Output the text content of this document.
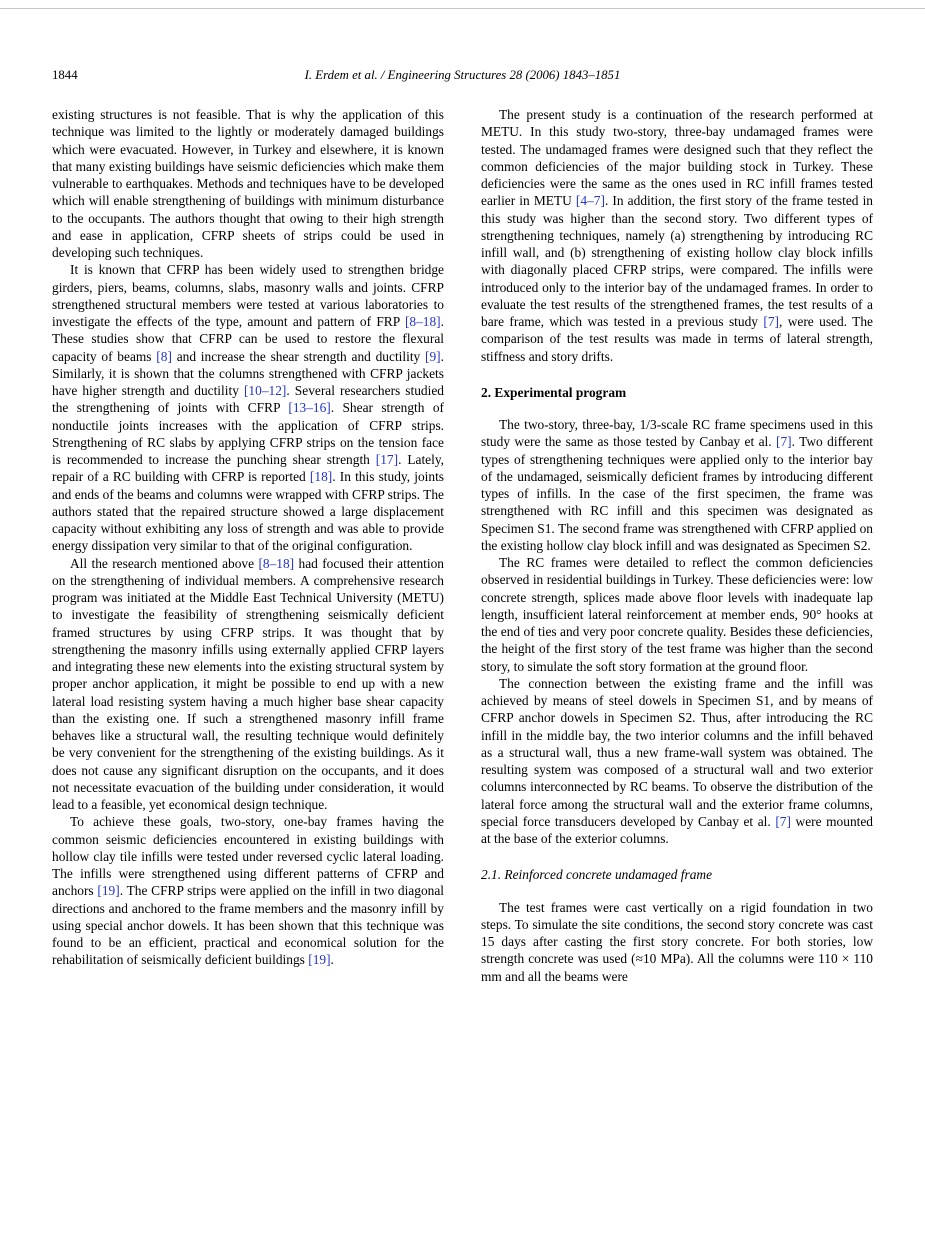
1844	I. Erdem et al. / Engineering Structures 28 (2006) 1843–1851

existing structures is not feasible. That is why the application of this technique was limited to the lightly or moderately damaged buildings which were evacuated. However, in Turkey and elsewhere, it is known that many existing buildings have seismic deficiencies which make them vulnerable to earthquakes. Methods and techniques have to be developed which will enable strengthening of buildings with minimum disturbance to the occupants. The authors thought that owing to their high strength and ease in application, CFRP sheets of strips could be used in developing such techniques.

It is known that CFRP has been widely used to strengthen bridge girders, piers, beams, columns, slabs, masonry walls and joints. CFRP strengthened structural members were tested at various laboratories to investigate the effects of the type, amount and pattern of FRP [8–18]. These studies show that CFRP can be used to restore the flexural capacity of beams [8] and increase the shear strength and ductility [9]. Similarly, it is shown that the columns strengthened with CFRP jackets have higher strength and ductility [10–12]. Several researchers studied the strengthening of joints with CFRP [13–16]. Shear strength of nonductile joints increases with the application of CFRP strips. Strengthening of RC slabs by applying CFRP strips on the tension face is recommended to increase the punching shear strength [17]. Lately, repair of a RC building with CFRP is reported [18]. In this study, joints and ends of the beams and columns were wrapped with CFRP strips. The authors stated that the repaired structure showed a large displacement capacity without exhibiting any loss of strength and was able to provide energy dissipation very similar to that of the original configuration.

All the research mentioned above [8–18] had focused their attention on the strengthening of individual members. A comprehensive research program was initiated at the Middle East Technical University (METU) to investigate the feasibility of strengthening seismically deficient framed structures by using CFRP strips. It was thought that by strengthening the masonry infills using externally applied CFRP layers and integrating these new elements into the existing structural system by proper anchor application, it might be possible to end up with a new lateral load resisting system having a much higher base shear capacity than the existing one. If such a strengthened masonry infill frame behaves like a structural wall, the resulting technique would definitely be very convenient for the strengthening of the existing buildings. As it does not cause any significant disruption on the occupants, and it does not necessitate evacuation of the building under consideration, it would lead to a feasible, yet economical design technique.

To achieve these goals, two-story, one-bay frames having the common seismic deficiencies encountered in existing buildings with hollow clay tile infills were tested under reversed cyclic lateral loading. The infills were strengthened using different patterns of CFRP and anchors [19]. The CFRP strips were applied on the infill in two diagonal directions and anchored to the frame members and the masonry infill by using special anchor dowels. It has been shown that this technique was found to be an efficient, practical and economical solution for the rehabilitation of seismically deficient buildings [19].

The present study is a continuation of the research performed at METU. In this study two-story, three-bay undamaged frames were tested. The undamaged frames were designed such that they reflect the common deficiencies of the major building stock in Turkey. These deficiencies were the same as the ones used in RC infill frames tested earlier in METU [4–7]. In addition, the first story of the frame tested in this study was higher than the second story. Two different types of strengthening techniques, namely (a) strengthening by introducing RC infill wall, and (b) strengthening of existing hollow clay block infills with diagonally placed CFRP strips, were compared. The infills were introduced only to the interior bay of the undamaged frames. In order to evaluate the test results of the strengthened frames, the test results of a bare frame, which was tested in a previous study [7], were used. The comparison of the test results was made in terms of lateral strength, stiffness and story drifts.

2. Experimental program

The two-story, three-bay, 1/3-scale RC frame specimens used in this study were the same as those tested by Canbay et al. [7]. Two different types of strengthening techniques were applied only to the interior bay of the undamaged, seismically deficient frames by introducing different types of infills. In the case of the first specimen, the frame was strengthened with RC infill and this specimen was designated as Specimen S1. The second frame was strengthened with CFRP applied on the existing hollow clay block infill and was designated as Specimen S2.

The RC frames were detailed to reflect the common deficiencies observed in residential buildings in Turkey. These deficiencies were: low concrete strength, splices made above floor levels with inadequate lap length, insufficient lateral reinforcement at member ends, 90° hooks at the end of ties and very poor concrete quality. Besides these deficiencies, the height of the first story of the test frame was higher than the second story, to simulate the soft story formation at the ground floor.

The connection between the existing frame and the infill was achieved by means of steel dowels in Specimen S1, and by means of CFRP anchor dowels in Specimen S2. Thus, after introducing the RC infill in the middle bay, the two interior columns and the infill behaved as a structural wall, thus a new frame-wall system was obtained. The resulting system was composed of a structural wall and two exterior columns interconnected by RC beams. To observe the distribution of the lateral force among the structural wall and the exterior frame columns, special force transducers developed by Canbay et al. [7] were mounted at the base of the exterior columns.

2.1. Reinforced concrete undamaged frame

The test frames were cast vertically on a rigid foundation in two steps. To simulate the site conditions, the second story concrete was cast 15 days after casting the first story concrete. For both stories, low strength concrete was used (≈10 MPa). All the columns were 110 × 110 mm and all the beams were
